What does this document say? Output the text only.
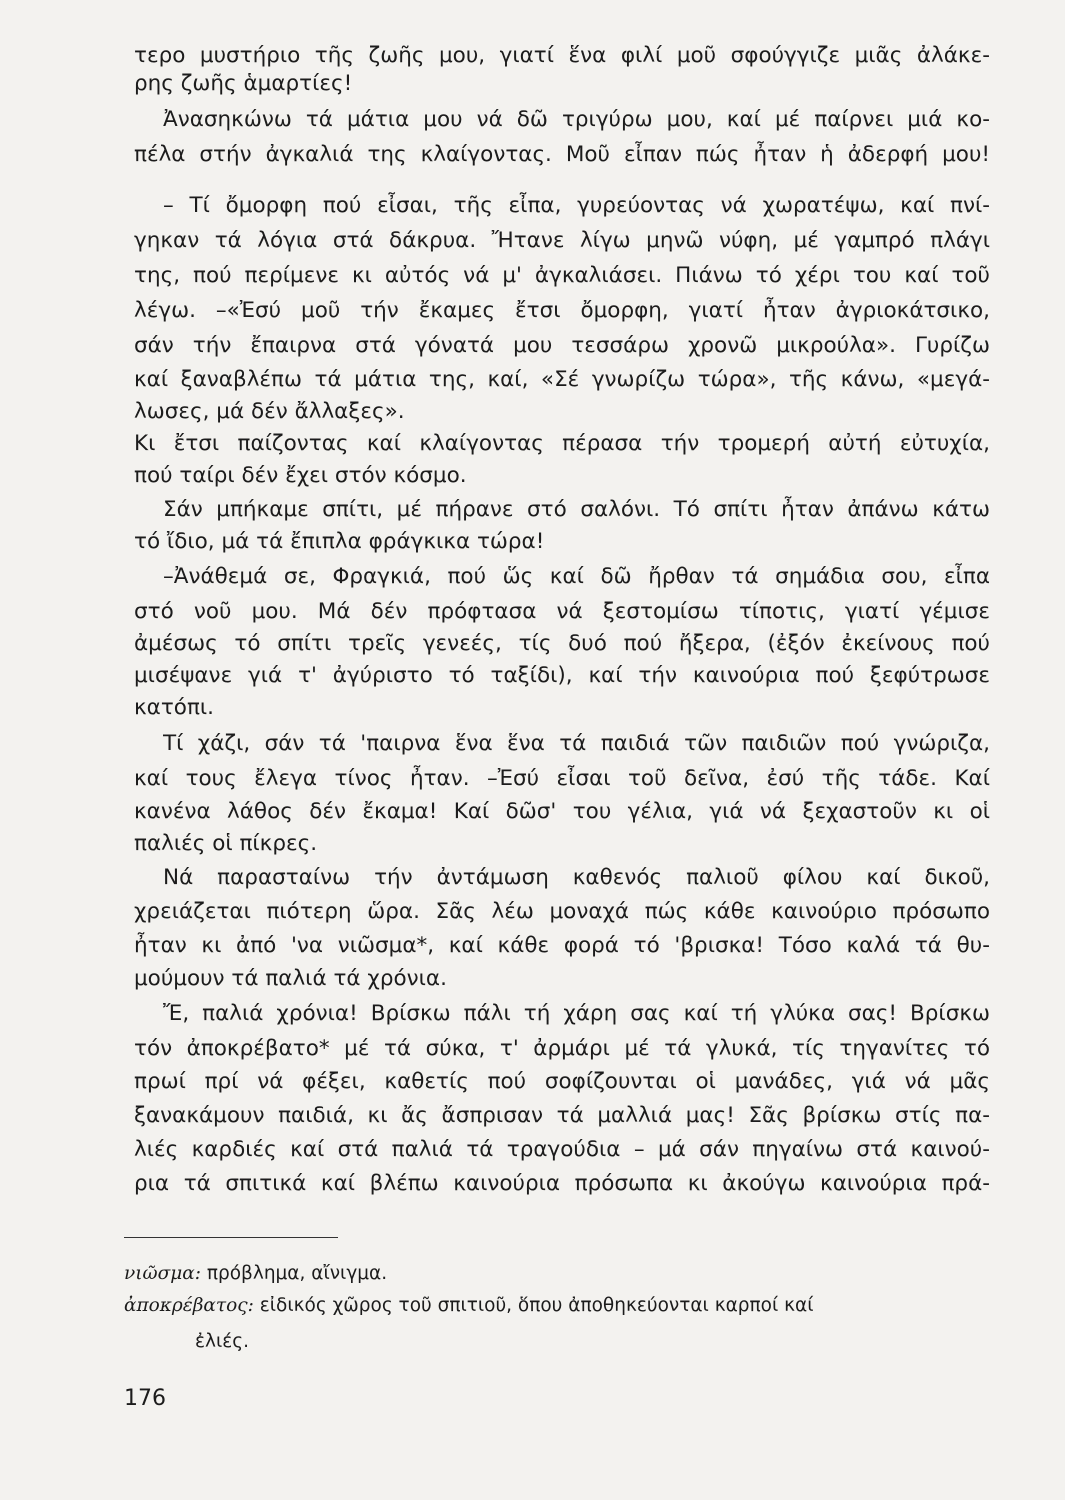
τερο μυστήριο τῆς ζωῆς μου, γιατί ἕνα φιλί μοῦ σφούγγιζε μιᾶς ἀλάκε-
ρης ζωῆς ἁμαρτίες!
Ἀνασηκώνω τά μάτια μου νά δῶ τριγύρω μου, καί μέ παίρνει μιά κο-
πέλα στήν ἀγκαλιά της κλαίγοντας. Μοῦ εἶπαν πώς ἦταν ἡ ἀδερφή μου!
– Τί ὄμορφη πού εἶσαι, τῆς εἶπα, γυρεύοντας νά χωρατέψω, καί πνί-
γηκαν τά λόγια στά δάκρυα. Ἤτανε λίγω μηνῶ νύφη, μέ γαμπρό πλάγι
της, πού περίμενε κι αὐτός νά μ' ἀγκαλιάσει. Πιάνω τό χέρι του καί τοῦ
λέγω. –«Ἐσύ μοῦ τήν ἔκαμες ἔτσι ὄμορφη, γιατί ἦταν ἀγριοκάτσικο,
σάν τήν ἔπαιρνα στά γόνατά μου τεσσάρω χρονῶ μικρούλα». Γυρίζω
καί ξαναβλέπω τά μάτια της, καί, «Σέ γνωρίζω τώρα», τῆς κάνω, «μεγά-
λωσες, μά δέν ἄλλαξες».
Κι ἔτσι παίζοντας καί κλαίγοντας πέρασα τήν τρομερή αὐτή εὐτυχία,
πού ταίρι δέν ἔχει στόν κόσμο.
Σάν μπήκαμε σπίτι, μέ πήρανε στό σαλόνι. Τό σπίτι ἦταν ἀπάνω κάτω
τό ἴδιο, μά τά ἔπιπλα φράγκικα τώρα!
–Ἀνάθεμά σε, Φραγκιά, πού ὥς καί δῶ ἤρθαν τά σημάδια σου, εἶπα
στό νοῦ μου. Μά δέν πρόφτασα νά ξεστομίσω τίποτις, γιατί γέμισε
ἀμέσως τό σπίτι τρεῖς γενεές, τίς δυό πού ἤξερα, (ἐξόν ἐκείνους πού
μισέψανε γιά τ' ἀγύριστο τό ταξίδι), καί τήν καινούρια πού ξεφύτρωσε
κατόπι.
Τί χάζι, σάν τά 'παιρνα ἕνα ἕνα τά παιδιά τῶν παιδιῶν πού γνώριζα,
καί τους ἔλεγα τίνος ἦταν. –Ἐσύ εἶσαι τοῦ δεῖνα, ἐσύ τῆς τάδε. Καί
κανένα λάθος δέν ἔκαμα! Καί δῶσ' του γέλια, γιά νά ξεχαστοῦν κι οἱ
παλιές οἱ πίκρες.
Νά παρασταίνω τήν ἀντάμωση καθενός παλιοῦ φίλου καί δικοῦ,
χρειάζεται πιότερη ὥρα. Σᾶς λέω μοναχά πώς κάθε καινούριο πρόσωπο
ἦταν κι ἀπό 'να νιῶσμα*, καί κάθε φορά τό 'βρισκα! Τόσο καλά τά θυ-
μούμουν τά παλιά τά χρόνια.
Ἔ, παλιά χρόνια! Βρίσκω πάλι τή χάρη σας καί τή γλύκα σας! Βρίσκω
τόν ἀποκρέβατο* μέ τά σύκα, τ' ἀρμάρι μέ τά γλυκά, τίς τηγανίτες τό
πρωί πρί νά φέξει, καθετίς πού σοφίζουνται οἱ μανάδες, γιά νά μᾶς
ξανακάμουν παιδιά, κι ἄς ἄσπρισαν τά μαλλιά μας! Σᾶς βρίσκω στίς πα-
λιές καρδιές καί στά παλιά τά τραγούδια – μά σάν πηγαίνω στά καινού-
ρια τά σπιτικά καί βλέπω καινούρια πρόσωπα κι ἀκούγω καινούρια πρά-
νιῶσμα: πρόβλημα, αἴνιγμα.
ἀποκρέβατος: εἰδικός χῶρος τοῦ σπιτιοῦ, ὅπου ἀποθηκεύονται καρποί καί
ἐλιές.
176
